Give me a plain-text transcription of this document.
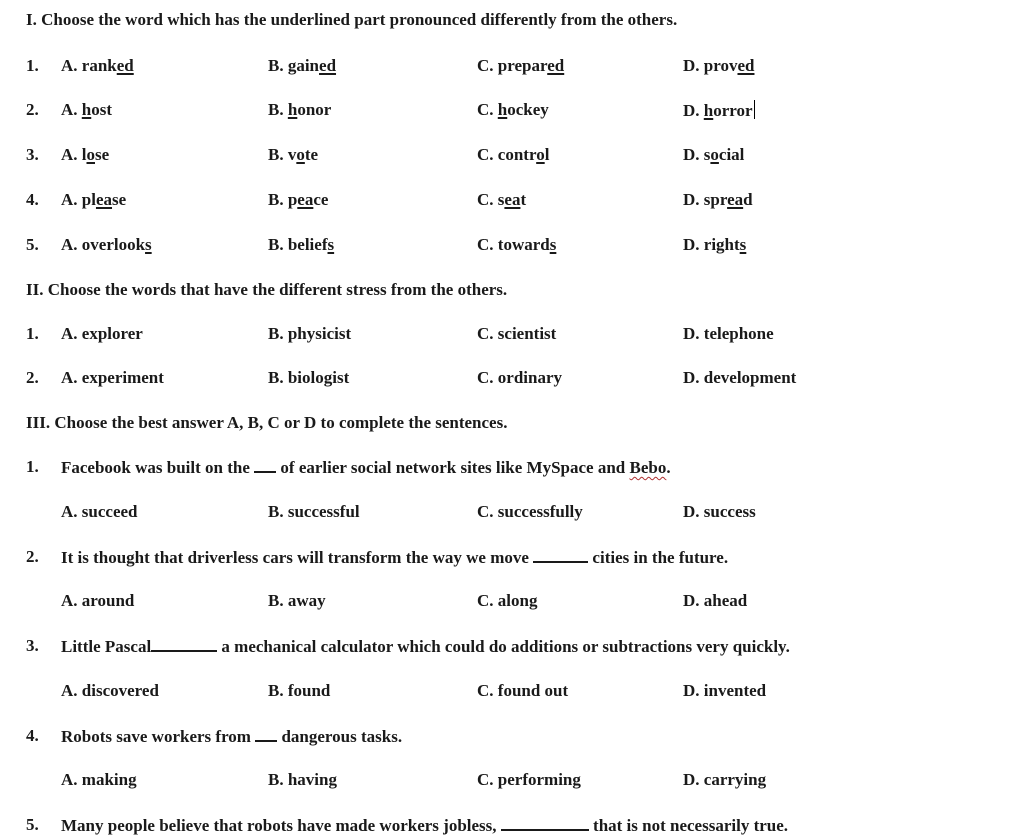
I. Choose the word which has the underlined part pronounced differently from the others.
1. A. ranked	B. gained	C. prepared	D. proved
2. A. host	B. honor	C. hockey	D. horror
3. A. lose	B. vote	C. control	D. social
4. A. please	B. peace	C. seat	D. spread
5. A. overlooks	B. beliefs	C. towards	D. rights
II. Choose the words that have the different stress from the others.
1. A. explorer	B. physicist	C. scientist	D. telephone
2. A. experiment	B. biologist	C. ordinary	D. development
III. Choose the best answer A, B, C or D to complete the sentences.
1. Facebook was built on the  of earlier social network sites like MySpace and Bebo.
A. succeed	B. successful	C. successfully	D. success
2. It is thought that driverless cars will transform the way we move	cities in the future.
A. around	B. away	C. along	D. ahead
3. Little Pascal	a mechanical calculator which could do additions or subtractions very quickly.
A. discovered	B. found	C. found out	D. invented
4. Robots save workers from  dangerous tasks.
A. making	B. having	C. performing	D. carrying
5. Many people believe that robots have made workers jobless,	that is not necessarily true.
